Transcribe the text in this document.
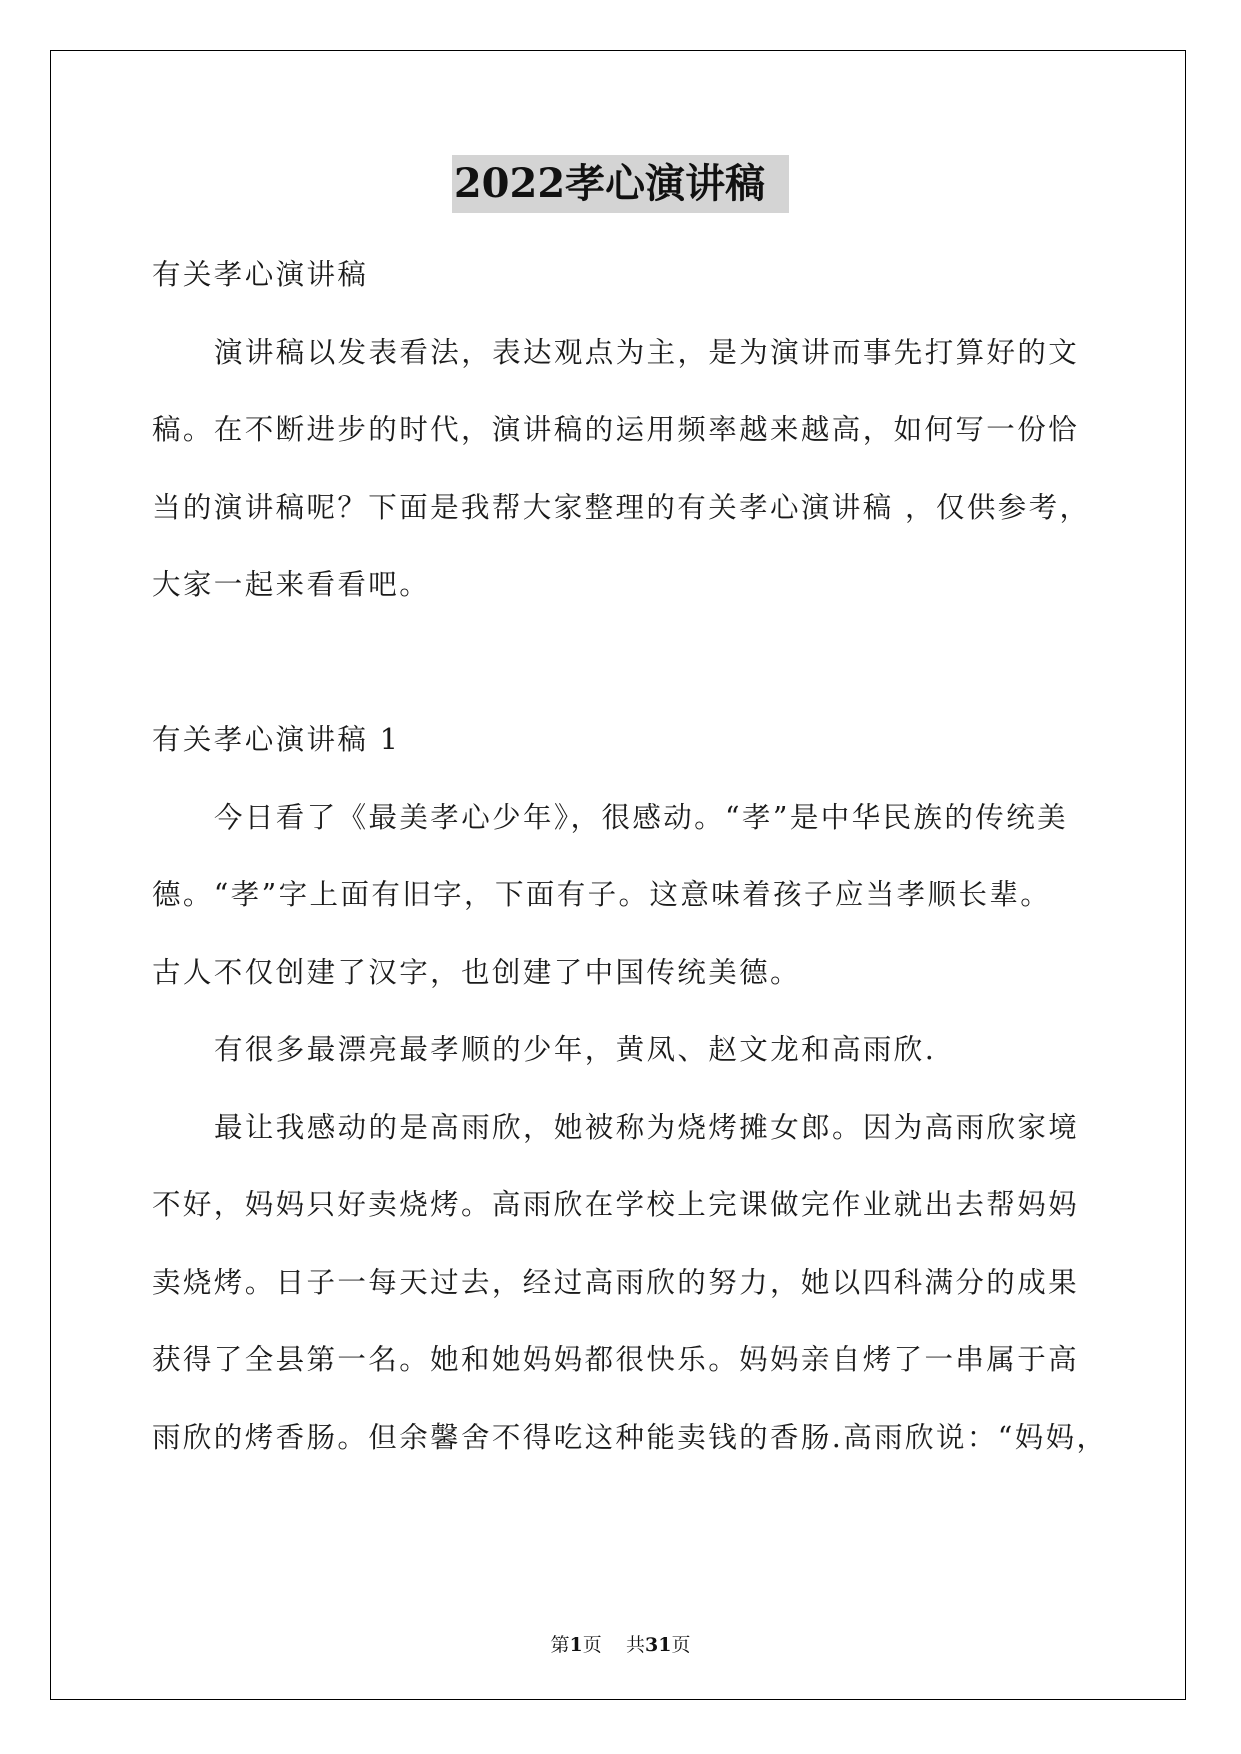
2022孝心演讲稿
有关孝心演讲稿
演讲稿以发表看法，表达观点为主，是为演讲而事先打算好的文
稿。在不断进步的时代，演讲稿的运用频率越来越高，如何写一份恰
当的演讲稿呢？下面是我帮大家整理的有关孝心演讲稿 ，仅供参考，
大家一起来看看吧。
有关孝心演讲稿 1
今日看了《最美孝心少年》，很感动。“孝”是中华民族的传统美
德。“孝”字上面有旧字，下面有子。这意味着孩子应当孝顺长辈。
古人不仅创建了汉字，也创建了中国传统美德。
有很多最漂亮最孝顺的少年，黄凤、赵文龙和高雨欣.
最让我感动的是高雨欣，她被称为烧烤摊女郎。因为高雨欣家境
不好，妈妈只好卖烧烤。高雨欣在学校上完课做完作业就出去帮妈妈
卖烧烤。日子一每天过去，经过高雨欣的努力，她以四科满分的成果
获得了全县第一名。她和她妈妈都很快乐。妈妈亲自烤了一串属于高
雨欣的烤香肠。但余馨舍不得吃这种能卖钱的香肠.高雨欣说：“妈妈，
第1页 共31页
